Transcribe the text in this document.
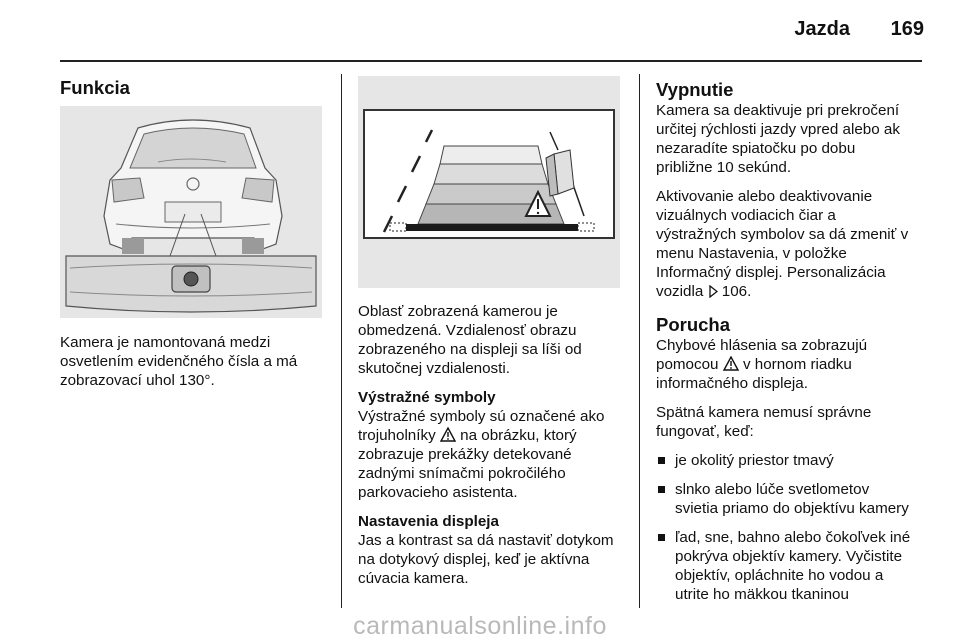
Jazda	169
Funkcia
Kamera je namontovaná medzi
osvetlením evidenčného čísla a má
zobrazovací uhol 130°.

Oblasť zobrazená kamerou je
obmedzená. Vzdialenosť obrazu
zobrazeného na displeji sa líši od
skutočnej vzdialenosti.

Výstražné symboly
Výstražné symboly sú označené ako
trojuholníky na obrázku, ktorý
zobrazuje prekážky detekované
zadnými snímačmi pokročilého
parkovacieho asistenta.

Nastavenia displeja
Jas a kontrast sa dá nastaviť dotykom
na dotykový displej, keď je aktívna
cúvacia kamera.

Vypnutie

Kamera sa deaktivuje pri prekročení
určitej rýchlosti jazdy vpred alebo ak
nezaradíte spiatočku po dobu
približne 10 sekúnd.

Aktivovanie alebo deaktivovanie
vizuálnych vodiacich čiar a
výstražných symbolov sa dá zmeniť v
menu Nastavenia, v položke
Informačný displej. Personalizácia
vozidla 106.

Porucha

Chybové hlásenia sa zobrazujú
pomocou v hornom riadku
informačného displeja.

Spätná kamera nemusí správne
fungovať, keď:

je okolitý priestor tmavý
slnko alebo lúče svetlometov
svietia priamo do objektívu kamery
ľad, sne, bahno alebo čokoľvek iné
pokrýva objektív kamery. Vyčistite
objektív, opláchnite ho vodou a
utrite ho mäkkou tkaninou
carmanualsonline.info
